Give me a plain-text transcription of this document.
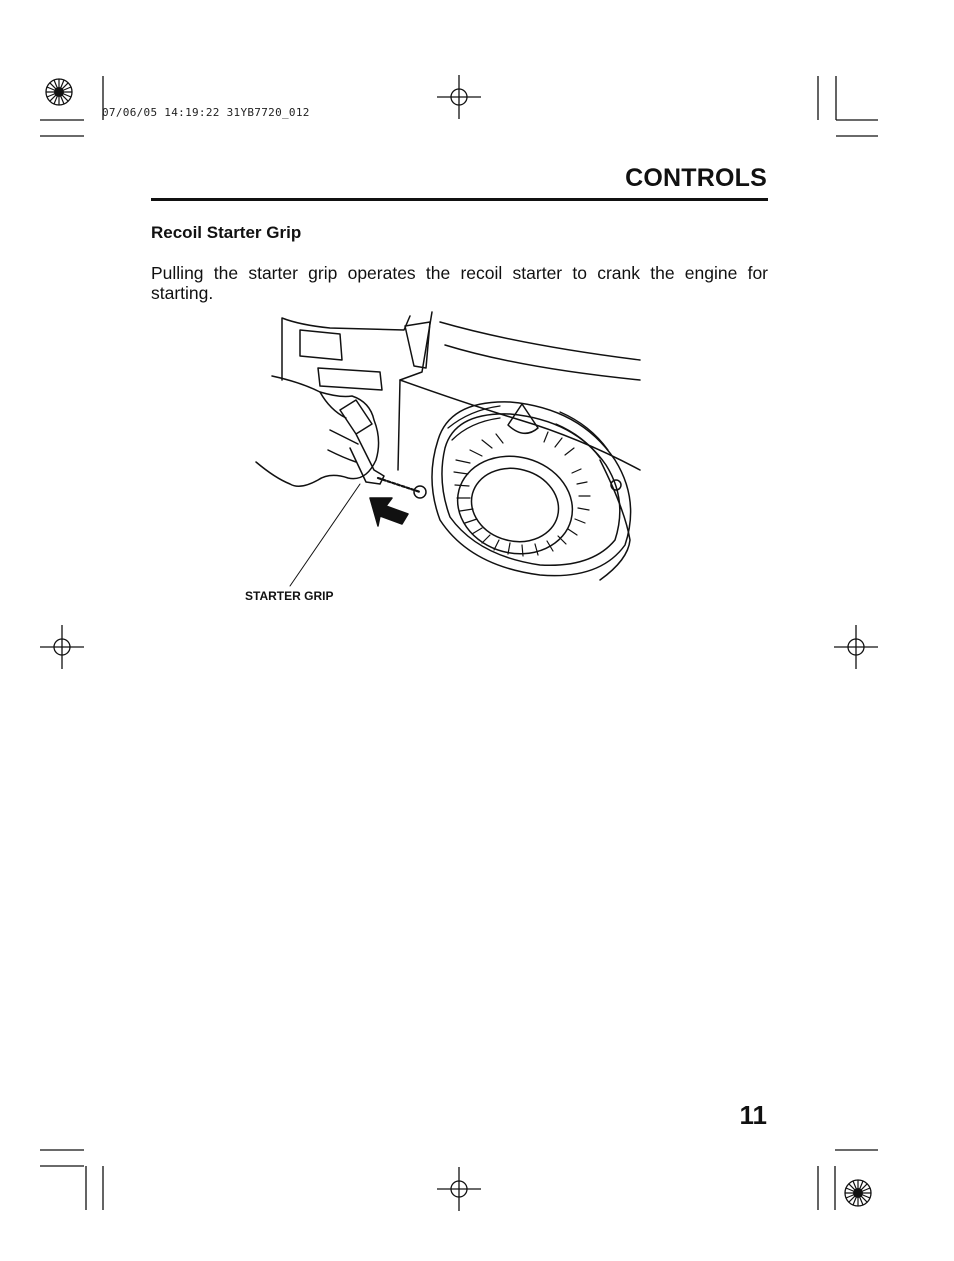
07/06/05 14:19:22 31YB7720_012
CONTROLS
Recoil Starter Grip
Pulling the starter grip operates the recoil starter to crank the engine for starting.
STARTER GRIP
11
